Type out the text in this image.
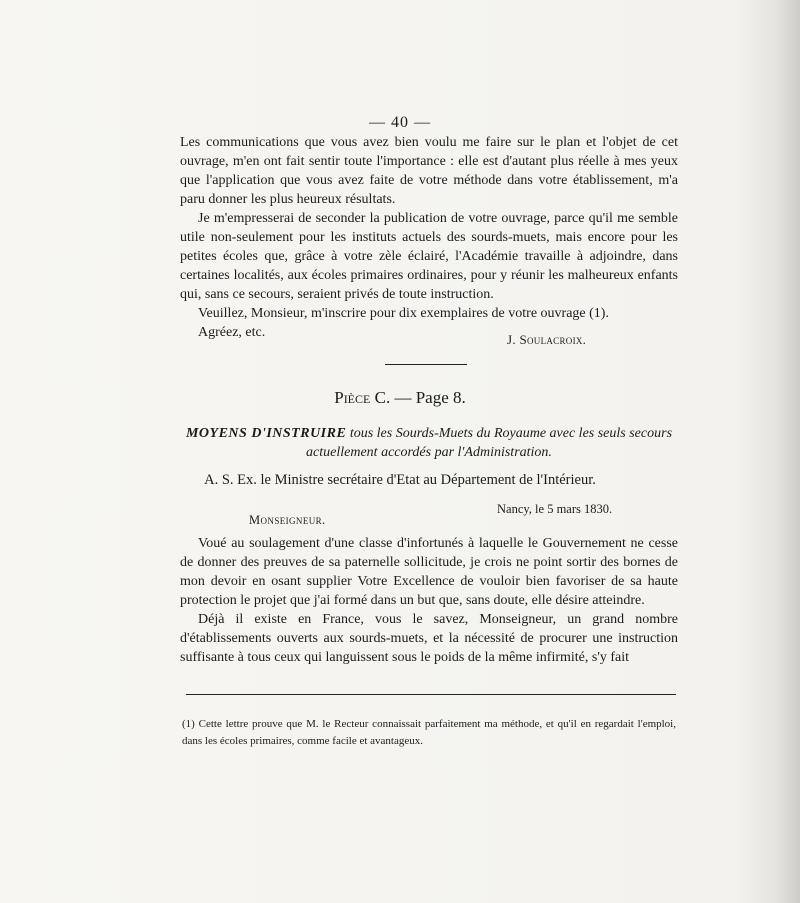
— 40 —

Les communications que vous avez bien voulu me faire sur le plan et l'objet de cet ouvrage, m'en ont fait sentir toute l'importance : elle est d'autant plus réelle à mes yeux que l'application que vous avez faite de votre méthode dans votre établissement, m'a paru donner les plus heureux résultats.

Je m'empresserai de seconder la publication de votre ouvrage, parce qu'il me semble utile non-seulement pour les instituts actuels des sourds-muets, mais encore pour les petites écoles que, grâce à votre zèle éclairé, l'Académie travaille à adjoindre, dans certaines localités, aux écoles primaires ordinaires, pour y réunir les malheureux enfants qui, sans ce secours, seraient privés de toute instruction.

Veuillez, Monsieur, m'inscrire pour dix exemplaires de votre ouvrage (1).

Agréez, etc.	J. Soulacroix.
Pièce C. — Page 8.
MOYENS D'INSTRUIRE tous les Sourds-Muets du Royaume avec les seuls secours actuellement accordés par l'Administration.
A. S. Ex. le Ministre secrétaire d'Etat au Département de l'Intérieur.
Nancy, le 5 mars 1830.
Monseigneur.

Voué au soulagement d'une classe d'infortunés à laquelle le Gouvernement ne cesse de donner des preuves de sa paternelle sollicitude, je crois ne point sortir des bornes de mon devoir en osant supplier Votre Excellence de vouloir bien favoriser de sa haute protection le projet que j'ai formé dans un but que, sans doute, elle désire atteindre.

Déjà il existe en France, vous le savez, Monseigneur, un grand nombre d'établissements ouverts aux sourds-muets, et la nécessité de procurer une instruction suffisante à tous ceux qui languissent sous le poids de la même infirmité, s'y fait

(1) Cette lettre prouve que M. le Recteur connaissait parfaitement ma méthode, et qu'il en regardait l'emploi, dans les écoles primaires, comme facile et avantageux.
